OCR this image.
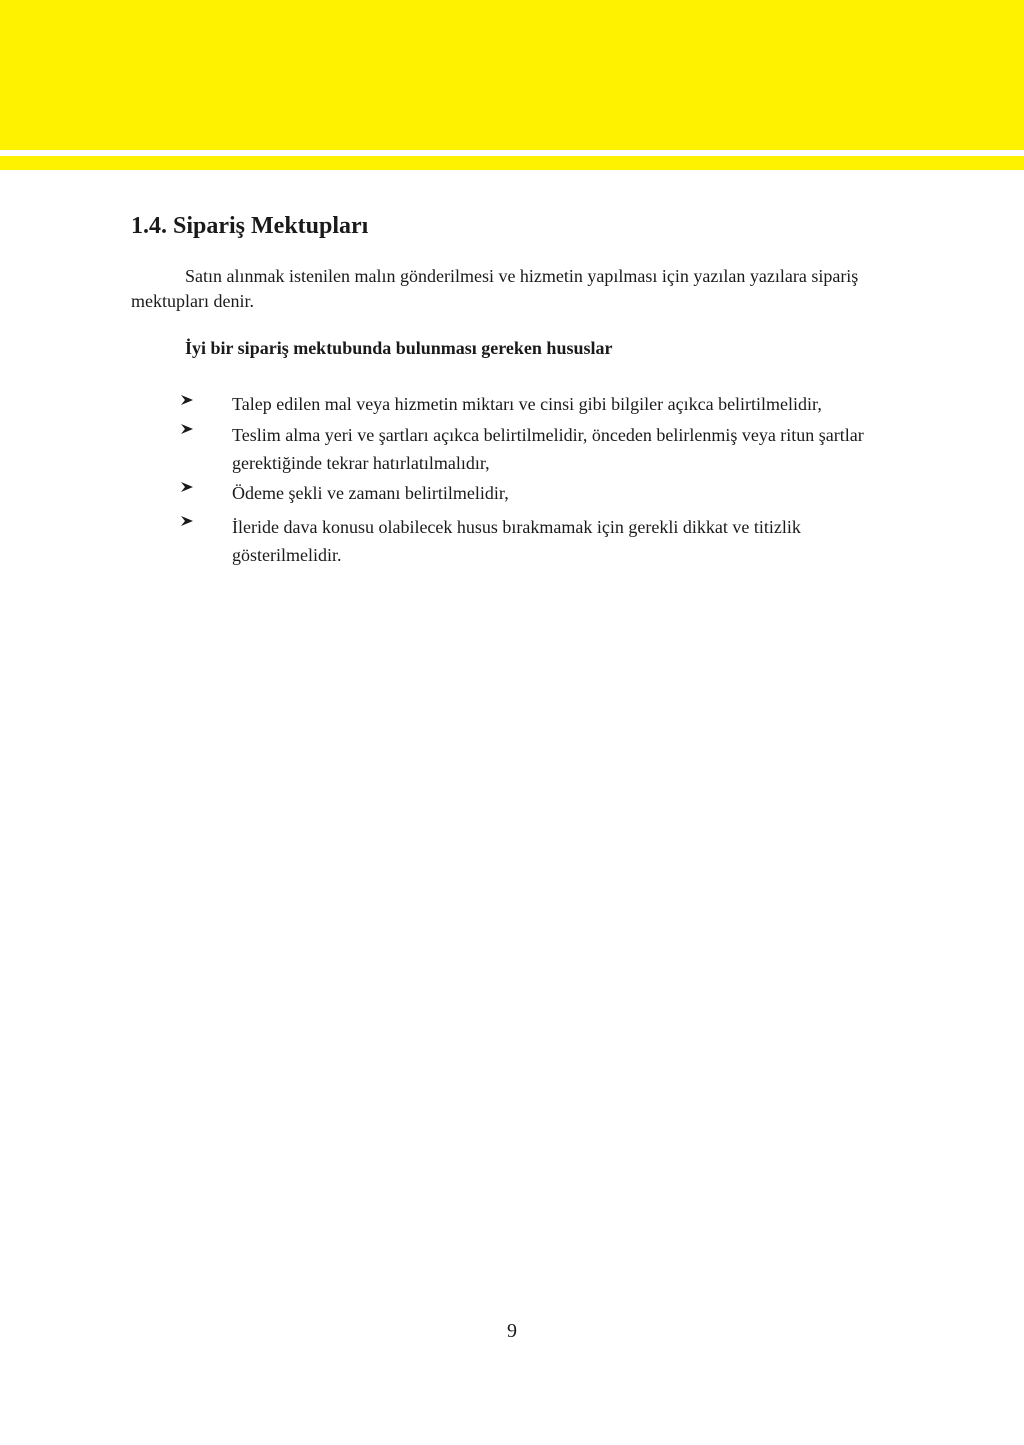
1.4. Sipariş Mektupları

Satın alınmak istenilen malın gönderilmesi ve hizmetin yapılması için yazılan yazılara sipariş mektupları denir.

İyi bir sipariş mektubunda bulunması gereken hususlar

Talep edilen mal veya hizmetin miktarı ve cinsi gibi bilgiler açıkca belirtilmelidir,
Teslim alma yeri ve şartları açıkca belirtilmelidir, önceden belirlenmiş veya ritun şartlar gerektiğinde tekrar hatırlatılmalıdır,
Ödeme şekli ve zamanı belirtilmelidir,
İleride dava konusu olabilecek husus bırakmamak için gerekli dikkat ve titizlik gösterilmelidir.
9
